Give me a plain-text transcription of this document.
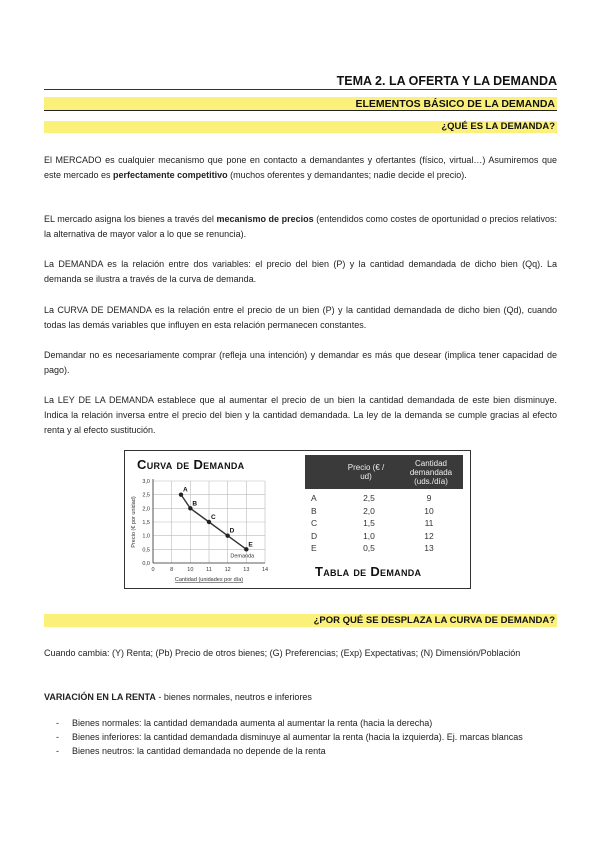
TEMA 2. LA OFERTA Y LA DEMANDA
ELEMENTOS BÁSICO DE LA DEMANDA
¿QUÉ ES LA DEMANDA?

El MERCADO es cualquier mecanismo que pone en contacto a demandantes y ofertantes (físico, virtual…) Asumiremos que este mercado es perfectamente competitivo (muchos oferentes y demandantes; nadie decide el precio).

EL mercado asigna los bienes a través del mecanismo de precios (entendidos como costes de oportunidad o precios relativos: la alternativa de mayor valor a lo que se renuncia).

La DEMANDA es la relación entre dos variables: el precio del bien (P) y la cantidad demandada de dicho bien (Qq). La demanda se ilustra a través de la curva de demanda.

La CURVA DE DEMANDA es la relación entre el precio de un bien (P) y la cantidad demandada de dicho bien (Qd), cuando todas las demás variables que influyen en esta relación permanecen constantes.

Demandar no es necesariamente comprar (refleja una intención) y demandar es más que desear (implica tener capacidad de pago).

La LEY DE LA DEMANDA establece que al aumentar el precio de un bien la cantidad demandada de este bien disminuye. Indica la relación inversa entre el precio del bien y la cantidad demandada. La ley de la demanda se cumple gracias al efecto renta y al efecto sustitución.

Curva de Demanda
0,0
0,5
1,0
1,5
2,0
2,5
3,0
0	8	10 11 12 13 14
Cantidad (unidades por día)
Precio (€ por unidad)
A
B
C
D
E
Demanda
Precio (€ / ud)
Cantidad demandada (uds./día)
A	2,5	9
B	2,0	10
C	1,5	11
D	1,0	12
E	0,5	13
Tabla de Demanda
¿POR QUÉ SE DESPLAZA LA CURVA DE DEMANDA?

Cuando cambia: (Y) Renta; (Pb) Precio de otros bienes; (G) Preferencias; (Exp) Expectativas; (N) Dimensión/Población

VARIACIÓN EN LA RENTA - bienes normales, neutros e inferiores

- Bienes normales: la cantidad demandada aumenta al aumentar la renta (hacia la derecha)
- Bienes inferiores: la cantidad demandada disminuye al aumentar la renta (hacia la izquierda). Ej. marcas blancas
- Bienes neutros: la cantidad demandada no depende de la renta
